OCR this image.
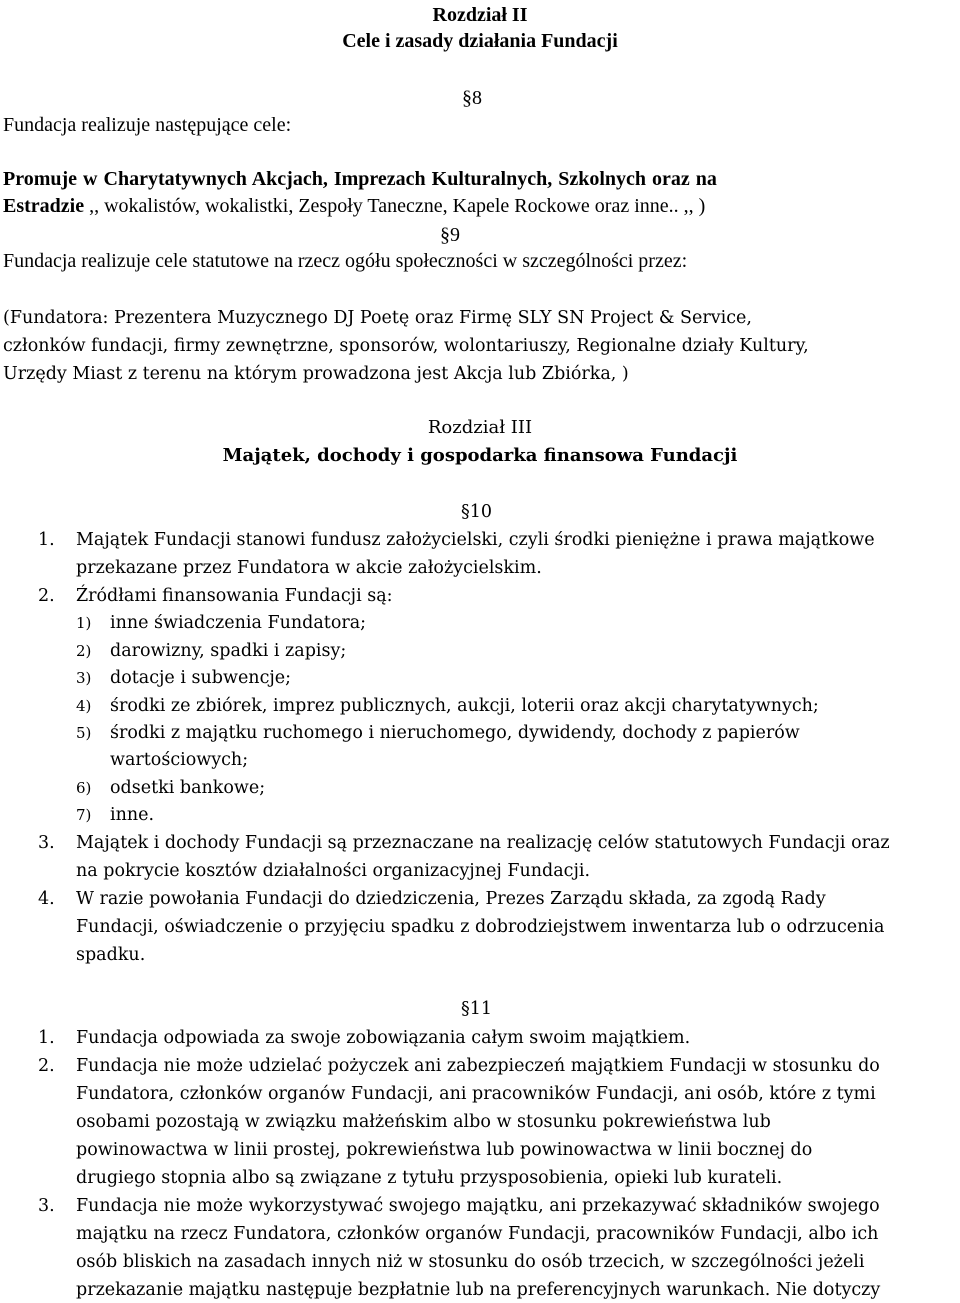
Rozdział II
Cele i zasady działania Fundacji
§8
Fundacja realizuje następujące cele:
Promuje w Charytatywnych Akcjach, Imprezach Kulturalnych, Szkolnych oraz na
Estradzie ,, wokalistów, wokalistki, Zespoły Taneczne, Kapele Rockowe oraz inne.. ,, )
§9
Fundacja realizuje cele statutowe na rzecz ogółu społeczności w szczególności przez:
(Fundatora: Prezentera Muzycznego DJ Poetę oraz Firmę SLY SN Project & Service,
członków fundacji, firmy zewnętrzne, sponsorów, wolontariuszy, Regionalne działy Kultury,
Urzędy Miast z terenu na którym prowadzona jest Akcja lub Zbiórka, )
Rozdział III
Majątek, dochody i gospodarka finansowa Fundacji
§10
1. Majątek Fundacji stanowi fundusz założycielski, czyli środki pieniężne i prawa majątkowe
przekazane przez Fundatora w akcie założycielskim.
2. Źródłami finansowania Fundacji są:
1) inne świadczenia Fundatora;
2) darowizny, spadki i zapisy;
3) dotacje i subwencje;
4) środki ze zbiórek, imprez publicznych, aukcji, loterii oraz akcji charytatywnych;
5) środki z majątku ruchomego i nieruchomego, dywidendy, dochody z papierów
wartościowych;
6) odsetki bankowe;
7) inne.
3. Majątek i dochody Fundacji są przeznaczane na realizację celów statutowych Fundacji oraz
na pokrycie kosztów działalności organizacyjnej Fundacji.
4. W razie powołania Fundacji do dziedziczenia, Prezes Zarządu składa, za zgodą Rady
Fundacji, oświadczenie o przyjęciu spadku z dobrodziejstwem inwentarza lub o odrzucenia
spadku.
§11
1. Fundacja odpowiada za swoje zobowiązania całym swoim majątkiem.
2. Fundacja nie może udzielać pożyczek ani zabezpieczeń majątkiem Fundacji w stosunku do
Fundatora, członków organów Fundacji, ani pracowników Fundacji, ani osób, które z tymi
osobami pozostają w związku małżeńskim albo w stosunku pokrewieństwa lub
powinowactwa w linii prostej, pokrewieństwa lub powinowactwa w linii bocznej do
drugiego stopnia albo są związane z tytułu przysposobienia, opieki lub kurateli.
3. Fundacja nie może wykorzystywać swojego majątku, ani przekazywać składników swojego
majątku na rzecz Fundatora, członków organów Fundacji, pracowników Fundacji, albo ich
osób bliskich na zasadach innych niż w stosunku do osób trzecich, w szczególności jeżeli
przekazanie majątku następuje bezpłatnie lub na preferencyjnych warunkach. Nie dotyczy
